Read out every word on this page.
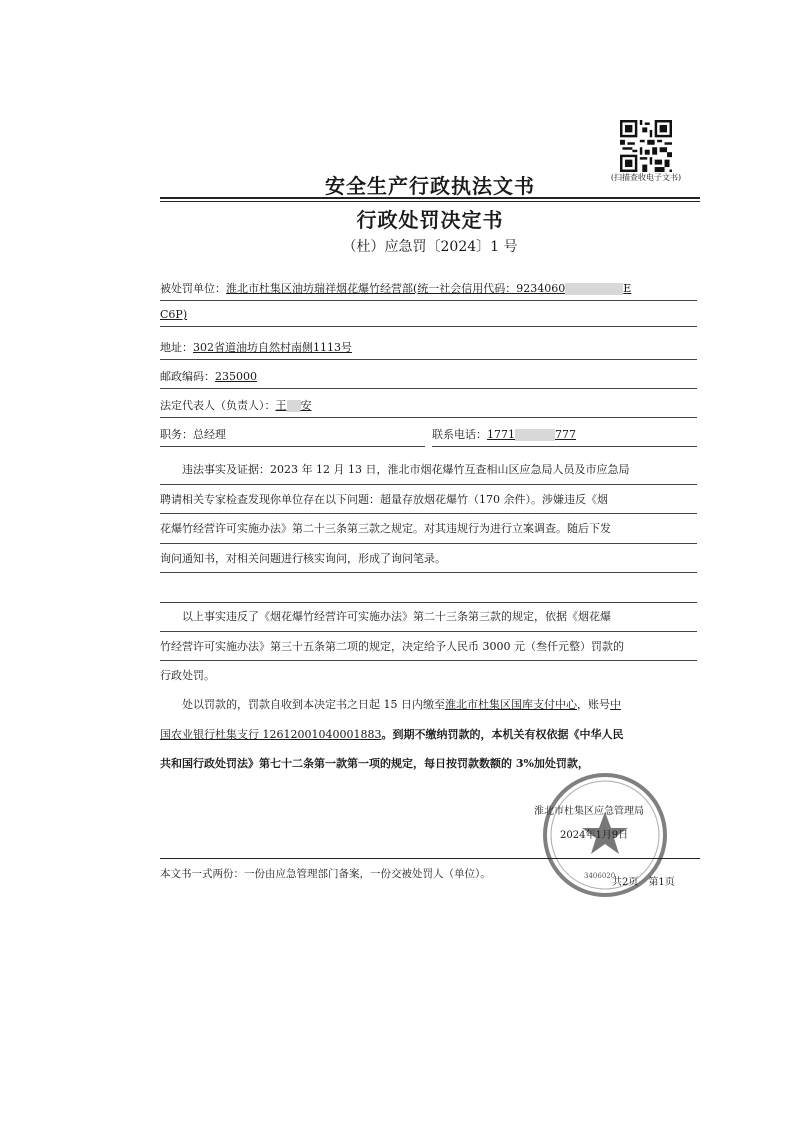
(扫描查收电子文书)
安全生产行政执法文书
行政处罚决定书
（杜）应急罚〔2024〕1 号
被处罚单位：淮北市杜集区油坊瑞祥烟花爆竹经营部(统一社会信用代码：9234060	E
C6P)
地址：302省道油坊自然村南侧1113号
邮政编码：235000
法定代表人（负责人）：王 安
职务：总经理	联系电话：1771	777
违法事实及证据：2023 年 12 月 13 日，淮北市烟花爆竹互查相山区应急局人员及市应急局
聘请相关专家检查发现你单位存在以下问题：超量存放烟花爆竹（170 余件）。涉嫌违反《烟
花爆竹经营许可实施办法》第二十三条第三款之规定。对其违规行为进行立案调查。随后下发
询问通知书，对相关问题进行核实询问，形成了询问笔录。
以上事实违反了《烟花爆竹经营许可实施办法》第二十三条第三款的规定，依据《烟花爆
竹经营许可实施办法》第三十五条第二项的规定，决定给予人民币 3000 元（叁仟元整）罚款的
行政处罚。
处以罚款的，罚款自收到本决定书之日起 15 日内缴至淮北市杜集区国库支付中心，账号中
国农业银行杜集支行 12612001040001883。到期不缴纳罚款的，本机关有权依据《中华人民
共和国行政处罚法》第七十二条第一款第一项的规定，每日按罚款数额的 3%加处罚款，
淮北市杜集区应急管理局
2024年1月9日
3406020
本文书一式两份：一份由应急管理部门备案，一份交被处罚人（单位）。
共2页　第1页
